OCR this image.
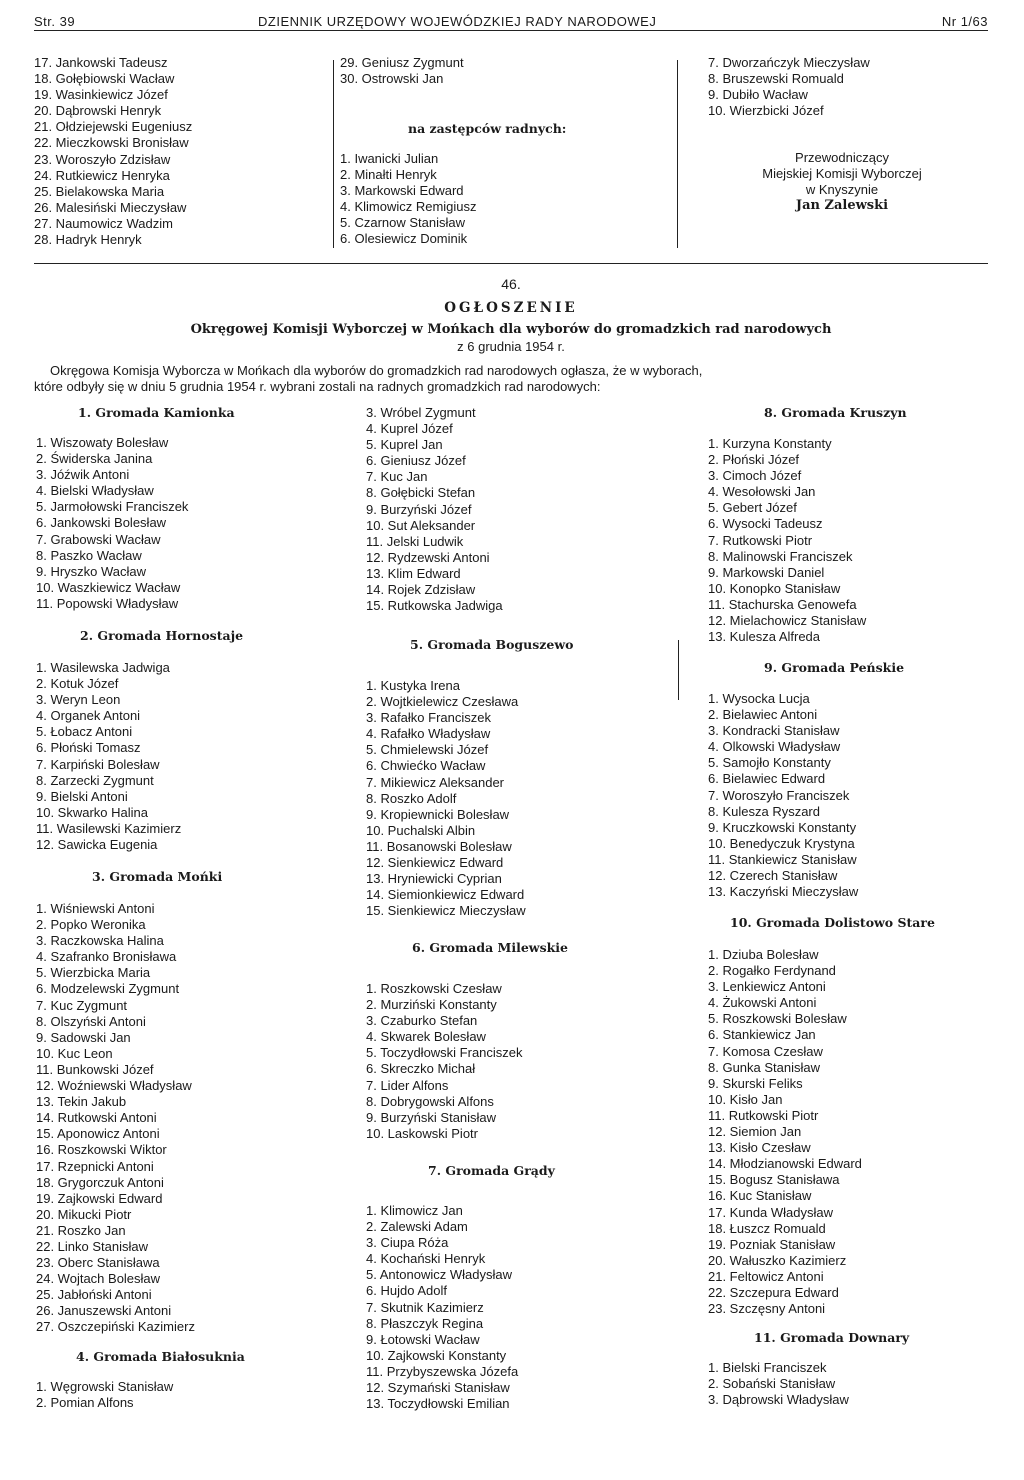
Str. 39	DZIENNIK URZĘDOWY WOJEWÓDZKIEJ RADY NARODOWEJ	Nr 1/63
17. Jankowski Tadeusz
18. Gołębiowski Wacław
19. Wasinkiewicz Józef
20. Dąbrowski Henryk
21. Ołdziejewski Eugeniusz
22. Mieczkowski Bronisław
23. Woroszyło Zdzisław
24. Rutkiewicz Henryka
25. Bielakowska Maria
26. Malesiński Mieczysław
27. Naumowicz Wadzim
28. Hadryk Henryk
29. Geniusz Zygmunt
30. Ostrowski Jan
na zastępców radnych:
1. Iwanicki Julian
2. Minałti Henryk
3. Markowski Edward
4. Klimowicz Remigiusz
5. Czarnow Stanisław
6. Olesiewicz Dominik
7. Dworzańczyk Mieczysław
8. Bruszewski Romuald
9. Dubiło Wacław
10. Wierzbicki Józef
Przewodniczący
Miejskiej Komisji Wyborczej
w Knyszynie
Jan Zalewski
46.
OGŁOSZENIE
Okręgowej Komisji Wyborczej w Mońkach dla wyborów do gromadzkich rad narodowych
z 6 grudnia 1954 r.
Okręgowa Komisja Wyborcza w Mońkach dla wyborów do gromadzkich rad narodowych ogłasza, że w wyborach,
które odbyły się w dniu 5 grudnia 1954 r. wybrani zostali na radnych gromadzkich rad narodowych:
1. Gromada Kamionka
1. Wiszowaty Bolesław
2. Świderska Janina
3. Jóźwik Antoni
4. Bielski Władysław
5. Jarmołowski Franciszek
6. Jankowski Bolesław
7. Grabowski Wacław
8. Paszko Wacław
9. Hryszko Wacław
10. Waszkiewicz Wacław
11. Popowski Władysław
2. Gromada Hornostaje
1. Wasilewska Jadwiga
2. Kotuk Józef
3. Weryn Leon
4. Organek Antoni
5. Łobacz Antoni
6. Płoński Tomasz
7. Karpiński Bolesław
8. Zarzecki Zygmunt
9. Bielski Antoni
10. Skwarko Halina
11. Wasilewski Kazimierz
12. Sawicka Eugenia
3. Gromada Mońki
1. Wiśniewski Antoni
2. Popko Weronika
3. Raczkowska Halina
4. Szafranko Bronisława
5. Wierzbicka Maria
6. Modzelewski Zygmunt
7. Kuc Zygmunt
8. Olszyński Antoni
9. Sadowski Jan
10. Kuc Leon
11. Bunkowski Józef
12. Woźniewski Władysław
13. Tekin Jakub
14. Rutkowski Antoni
15. Aponowicz Antoni
16. Roszkowski Wiktor
17. Rzepnicki Antoni
18. Grygorczuk Antoni
19. Zajkowski Edward
20. Mikucki Piotr
21. Roszko Jan
22. Linko Stanisław
23. Oberc Stanisława
24. Wojtach Bolesław
25. Jabłoński Antoni
26. Januszewski Antoni
27. Oszczepiński Kazimierz
4. Gromada Białosuknia
1. Węgrowski Stanisław
2. Pomian Alfons
3. Wróbel Zygmunt
4. Kuprel Józef
5. Kuprel Jan
6. Gieniusz Józef
7. Kuc Jan
8. Gołębicki Stefan
9. Burzyński Józef
10. Sut Aleksander
11. Jelski Ludwik
12. Rydzewski Antoni
13. Klim Edward
14. Rojek Zdzisław
15. Rutkowska Jadwiga
5. Gromada Boguszewo
1. Kustyka Irena
2. Wojtkielewicz Czesława
3. Rafałko Franciszek
4. Rafałko Władysław
5. Chmielewski Józef
6. Chwiećko Wacław
7. Mikiewicz Aleksander
8. Roszko Adolf
9. Kropiewnicki Bolesław
10. Puchalski Albin
11. Bosanowski Bolesław
12. Sienkiewicz Edward
13. Hryniewicki Cyprian
14. Siemionkiewicz Edward
15. Sienkiewicz Mieczysław
6. Gromada Milewskie
1. Roszkowski Czesław
2. Murziński Konstanty
3. Czaburko Stefan
4. Skwarek Bolesław
5. Toczydłowski Franciszek
6. Skreczko Michał
7. Lider Alfons
8. Dobrygowski Alfons
9. Burzyński Stanisław
10. Laskowski Piotr
7. Gromada Grądy
1. Klimowicz Jan
2. Zalewski Adam
3. Ciupa Róża
4. Kochański Henryk
5. Antonowicz Władysław
6. Hujdo Adolf
7. Skutnik Kazimierz
8. Płaszczyk Regina
9. Łotowski Wacław
10. Zajkowski Konstanty
11. Przybyszewska Józefa
12. Szymański Stanisław
13. Toczydłowski Emilian
8. Gromada Kruszyn
1. Kurzyna Konstanty
2. Płoński Józef
3. Cimoch Józef
4. Wesołowski Jan
5. Gebert Józef
6. Wysocki Tadeusz
7. Rutkowski Piotr
8. Malinowski Franciszek
9. Markowski Daniel
10. Konopko Stanisław
11. Stachurska Genowefa
12. Mielachowicz Stanisław
13. Kulesza Alfreda
9. Gromada Peńskie
1. Wysocka Lucja
2. Bielawiec Antoni
3. Kondracki Stanisław
4. Olkowski Władysław
5. Samojło Konstanty
6. Bielawiec Edward
7. Woroszyło Franciszek
8. Kulesza Ryszard
9. Kruczkowski Konstanty
10. Benedyczuk Krystyna
11. Stankiewicz Stanisław
12. Czerech Stanisław
13. Kaczyński Mieczysław
10. Gromada Dolistowo Stare
1. Dziuba Bolesław
2. Rogałko Ferdynand
3. Lenkiewicz Antoni
4. Żukowski Antoni
5. Roszkowski Bolesław
6. Stankiewicz Jan
7. Komosa Czesław
8. Gunka Stanisław
9. Skurski Feliks
10. Kisło Jan
11. Rutkowski Piotr
12. Siemion Jan
13. Kisło Czesław
14. Młodzianowski Edward
15. Bogusz Stanisława
16. Kuc Stanisław
17. Kunda Władysław
18. Łuszcz Romuald
19. Pozniak Stanisław
20. Wałuszko Kazimierz
21. Feltowicz Antoni
22. Szczepura Edward
23. Szczęsny Antoni
11. Gromada Downary
1. Bielski Franciszek
2. Sobański Stanisław
3. Dąbrowski Władysław
